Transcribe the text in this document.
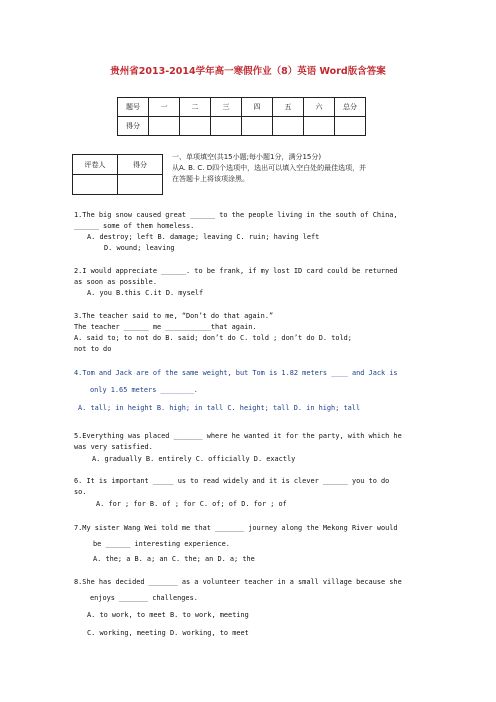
贵州省2013-2014学年高一寒假作业（8）英语 Word版含答案
题号	一	二	三	四	五	六	总分
得分							
评卷人	得分

一、单项填空(共15小题;每小题1分，满分15分)
从A. B. C. D四个选项中，选出可以填入空白处的最佳选项，并
在答题卡上将该项涂黑。
1.The big snow caused great ______ to the people living in the south of China,
______ some of them homeless.
A. destroy; left B. damage; leaving C. ruin; having left
D. wound; leaving
2.I would appreciate ______. to be frank, if my lost ID card could be returned
as soon as possible.
A. you B.this C.it D. myself
3.The teacher said to me, “Don’t do that again.”
The teacher ______ me ___________that again.
A. said to; to not do B. said; don’t do C. told ; don’t do D. told;
not to do
4.Tom and Jack are of the same weight, but Tom is 1.82 meters ____ and Jack is
only 1.65 meters ________.
A. tall; in height B. high; in tall C. height; tall D. in high; tall
5.Everything was placed _______ where he wanted it for the party, with which he
was very satisfied.
A. gradually B. entirely C. officially D. exactly
6. It is important _____ us to read widely and it is clever ______ you to do
so.
A. for ; for B. of ; for C. of; of D. for ; of
7.My sister Wang Wei told me that _______ journey along the Mekong River would
be ______ interesting experience.
A. the; a B. a; an C. the; an D. a; the
8.She has decided _______ as a volunteer teacher in a small village because she
enjoys _______ challenges.
A. to work, to meet B. to work, meeting
C. working, meeting D. working, to meet
